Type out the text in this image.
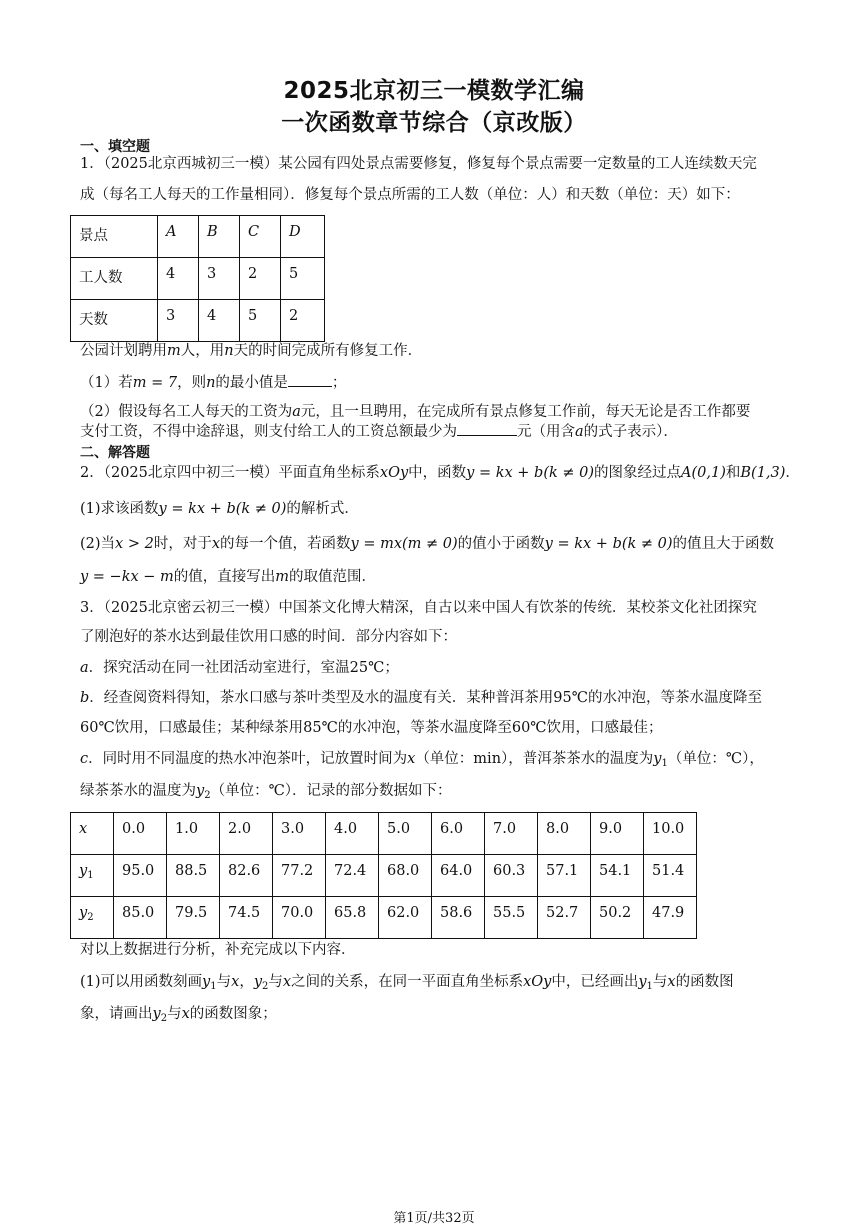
2025北京初三一模数学汇编
一次函数章节综合（京改版）
一、填空题
1．（2025北京西城初三一模）某公园有四处景点需要修复，修复每个景点需要一定数量的工人连续数天完
成（每名工人每天的工作量相同）．修复每个景点所需的工人数（单位：人）和天数（单位：天）如下：
景点	A	B	C	D
工人数	4	3	2	5
天数	3	4	5	2
公园计划聘用m人，用n天的时间完成所有修复工作．
（1）若m = 7，则n的最小值是	；
（2）假设每名工人每天的工资为a元，且一旦聘用，在完成所有景点修复工作前，每天无论是否工作都要
支付工资，不得中途辞退，则支付给工人的工资总额最少为	元（用含a的式子表示）．
二、解答题
2．（2025北京四中初三一模）平面直角坐标系xOy中，函数y = kx + b(k ≠ 0)的图象经过点A(0,1)和B(1,3)．
(1)求该函数y = kx + b(k ≠ 0)的解析式．
(2)当x > 2时，对于x的每一个值，若函数y = mx(m ≠ 0)的值小于函数y = kx + b(k ≠ 0)的值且大于函数
y = −kx − m的值，直接写出m的取值范围．
3．（2025北京密云初三一模）中国茶文化博大精深，自古以来中国人有饮茶的传统．某校茶文化社团探究
了刚泡好的茶水达到最佳饮用口感的时间．部分内容如下：
a．探究活动在同一社团活动室进行，室温25℃；
b．经查阅资料得知，茶水口感与茶叶类型及水的温度有关．某种普洱茶用95℃的水冲泡，等茶水温度降至
60℃饮用，口感最佳；某种绿茶用85℃的水冲泡，等茶水温度降至60℃饮用，口感最佳；
c．同时用不同温度的热水冲泡茶叶，记放置时间为x（单位：min），普洱茶茶水的温度为$y_1$（单位：℃），
绿茶茶水的温度为$y_2$（单位：℃）．记录的部分数据如下：
x	0.0	1.0	2.0	3.0	4.0	5.0	6.0	7.0	8.0	9.0	10.0
$y_1$	95.0	88.5	82.6	77.2	72.4	68.0	64.0	60.3	57.1	54.1	51.4
$y_2$	85.0	79.5	74.5	70.0	65.8	62.0	58.6	55.5	52.7	50.2	47.9
对以上数据进行分析，补充完成以下内容．
(1)可以用函数刻画$y_1$与x，$y_2$与x之间的关系，在同一平面直角坐标系xOy中，已经画出$y_1$与x的函数图
象，请画出$y_2$与x的函数图象；
第1页/共32页
